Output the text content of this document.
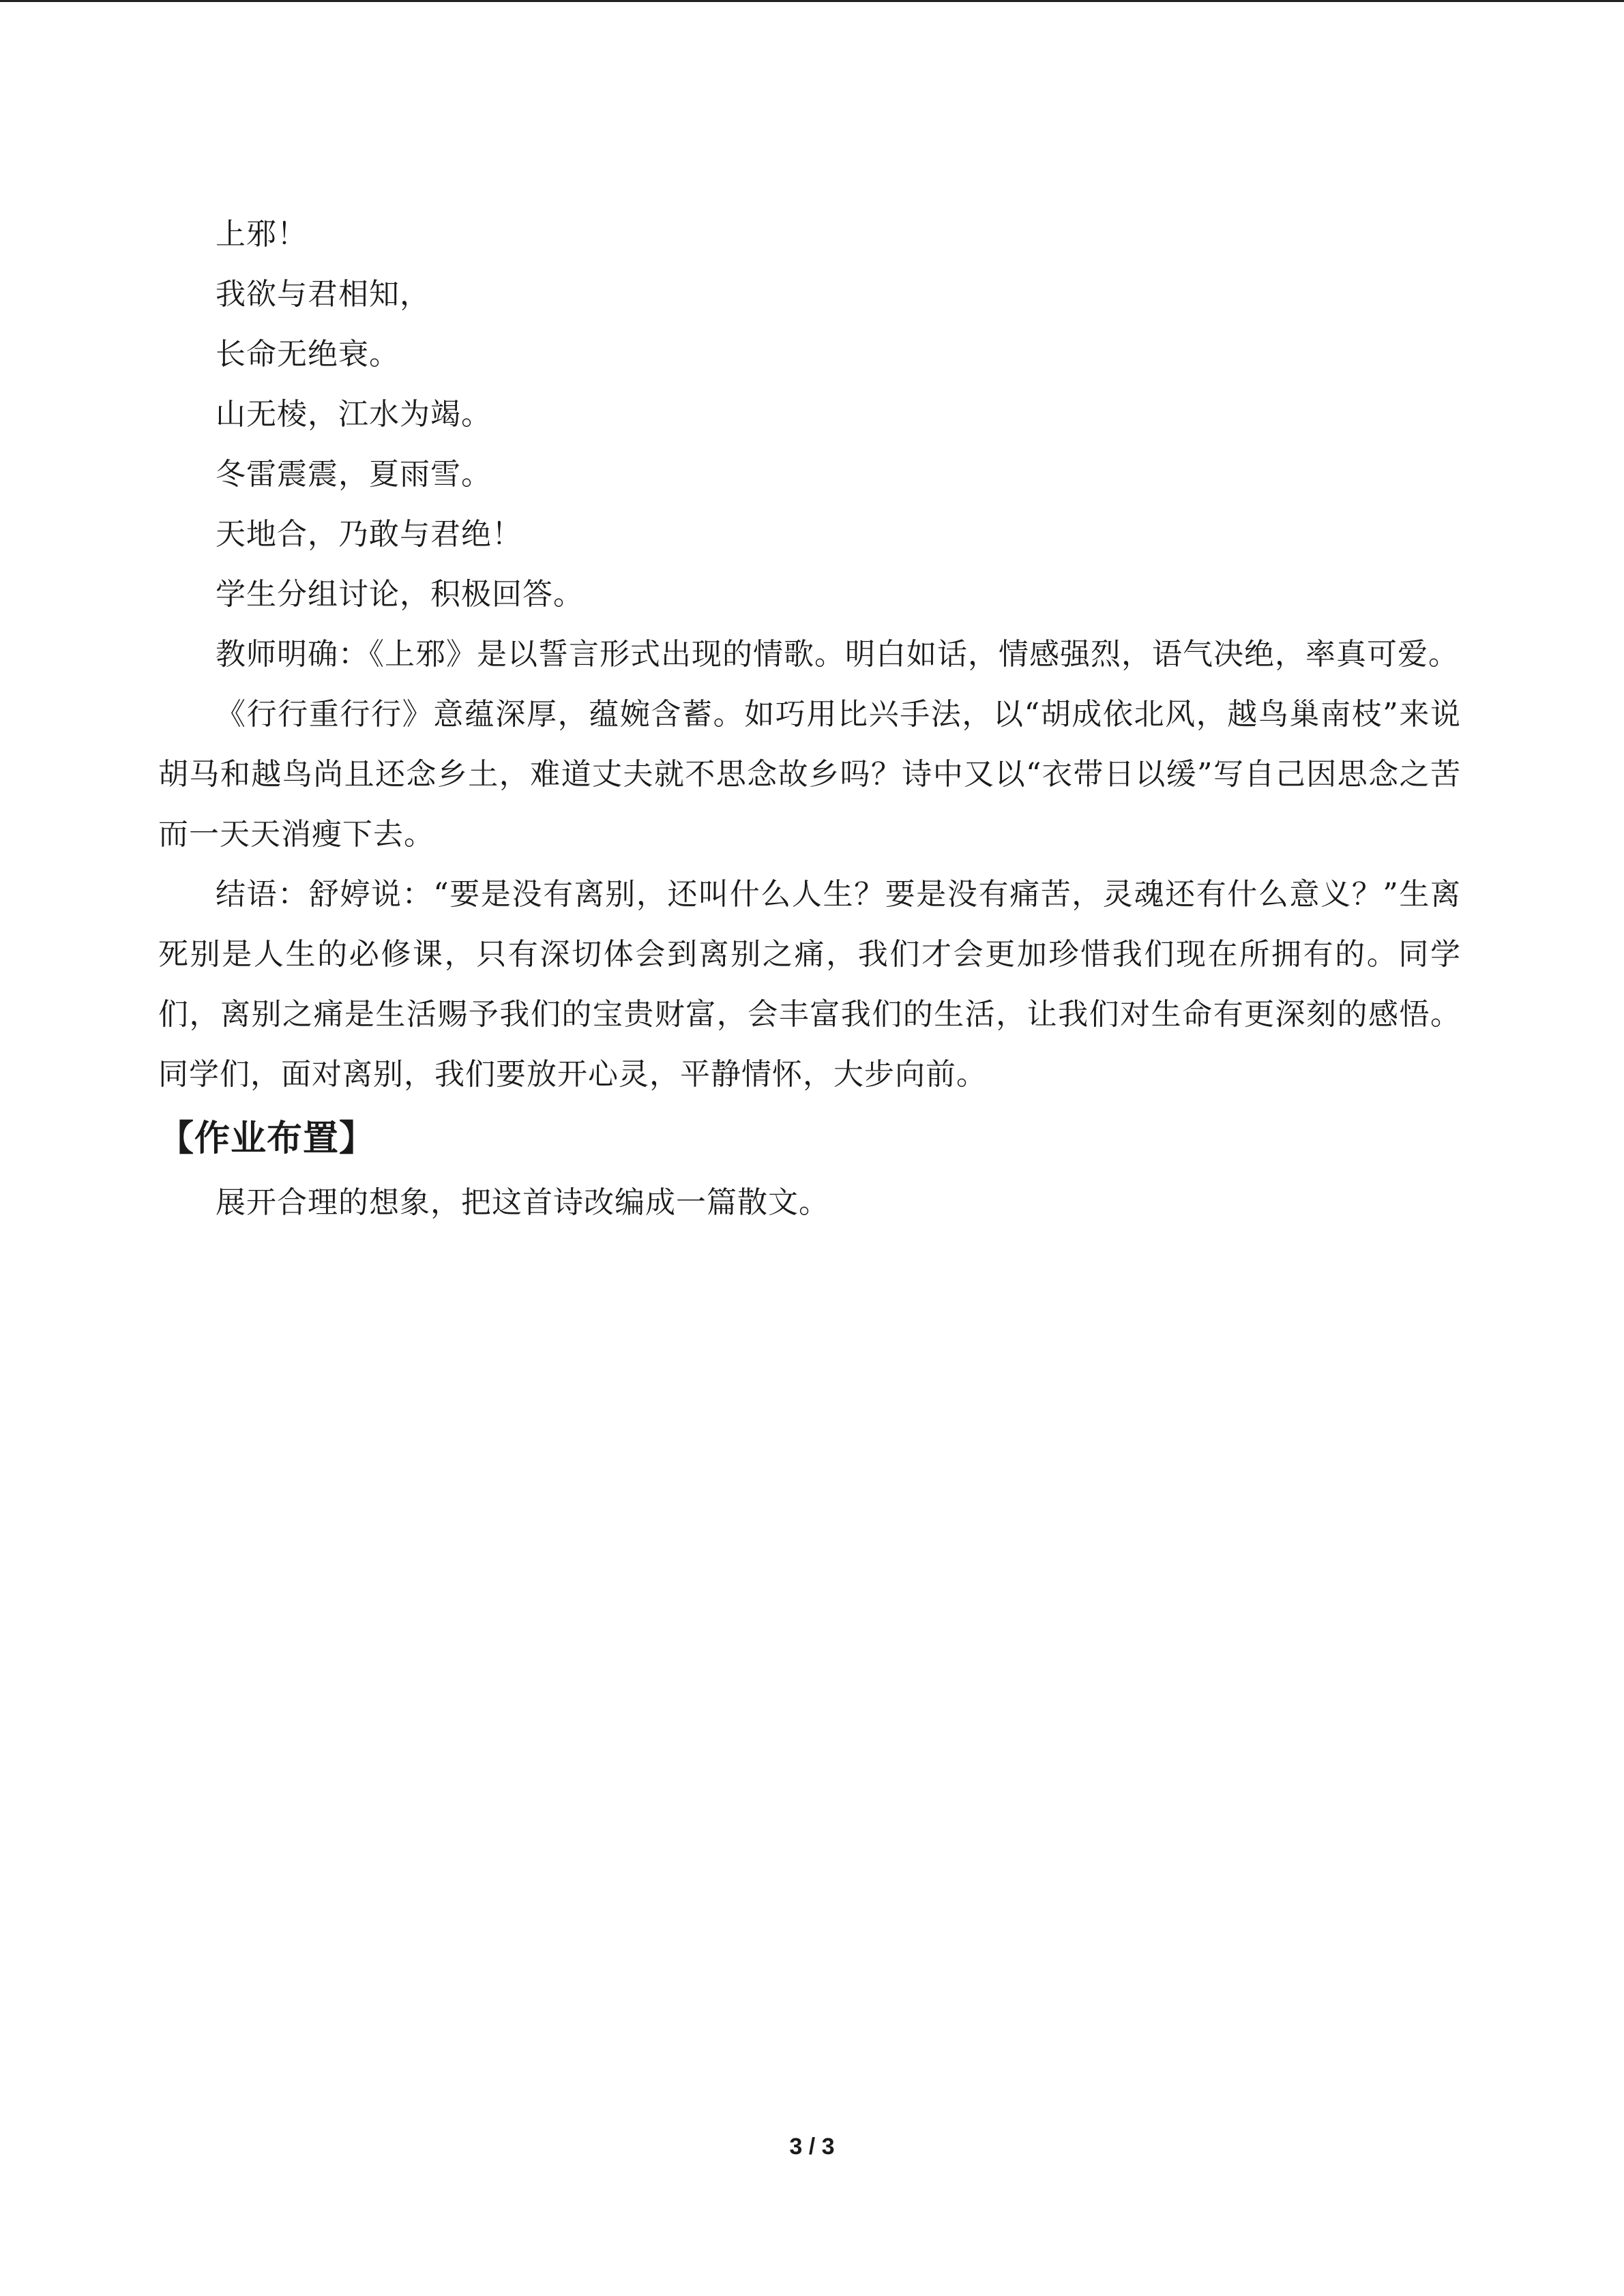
上邪！

我欲与君相知，

长命无绝衰。

山无棱，江水为竭。

冬雷震震，夏雨雪。

天地合，乃敢与君绝！

学生分组讨论，积极回答。

教师明确：《上邪》是以誓言形式出现的情歌。明白如话，情感强烈，语气决绝，率真可爱。

《行行重行行》意蕴深厚，蕴婉含蓄。如巧用比兴手法，以“胡成依北风，越鸟巢南枝”来说胡马和越鸟尚且还念乡土，难道丈夫就不思念故乡吗？诗中又以“衣带日以缓”写自己因思念之苦而一天天消瘦下去。

结语：舒婷说：“要是没有离别，还叫什么人生？要是没有痛苦，灵魂还有什么意义？”生离死别是人生的必修课，只有深切体会到离别之痛，我们才会更加珍惜我们现在所拥有的。同学们，离别之痛是生活赐予我们的宝贵财富，会丰富我们的生活，让我们对生命有更深刻的感悟。同学们，面对离别，我们要放开心灵，平静情怀，大步向前。

【作业布置】

展开合理的想象，把这首诗改编成一篇散文。

3 / 3
